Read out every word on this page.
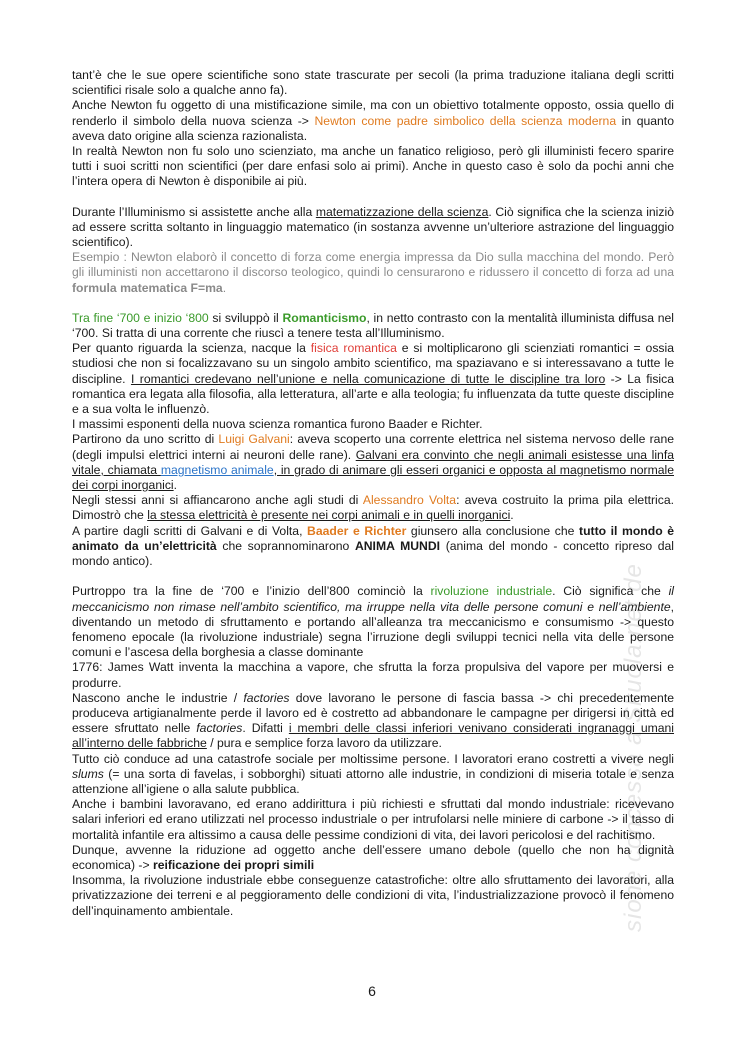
sione concessa a Skuola.net de

tant’è che le sue opere scientifiche sono state trascurate per secoli (la prima traduzione italiana degli scritti scientifici risale solo a qualche anno fa).

Anche Newton fu oggetto di una mistificazione simile, ma con un obiettivo totalmente opposto, ossia quello di renderlo il simbolo della nuova scienza -> Newton come padre simbolico della scienza moderna in quanto aveva dato origine alla scienza razionalista.

In realtà Newton non fu solo uno scienziato, ma anche un fanatico religioso, però gli illuministi fecero sparire tutti i suoi scritti non scientifici (per dare enfasi solo ai primi). Anche in questo caso è solo da pochi anni che l’intera opera di Newton è disponibile ai più.

Durante l’Illuminismo si assistette anche alla matematizzazione della scienza. Ciò significa che la scienza iniziò ad essere scritta soltanto in linguaggio matematico (in sostanza avvenne un’ulteriore astrazione del linguaggio scientifico).

Esempio : Newton elaborò il concetto di forza come energia impressa da Dio sulla macchina del mondo. Però gli illuministi non accettarono il discorso teologico, quindi lo censurarono e ridussero il concetto di forza ad una formula matematica F=ma.

Tra fine ‘700 e inizio ‘800 si sviluppò il Romanticismo, in netto contrasto con la mentalità illuminista diffusa nel ‘700. Si tratta di una corrente che riuscì a tenere testa all’Illuminismo.

Per quanto riguarda la scienza, nacque la fisica romantica e si moltiplicarono gli scienziati romantici = ossia studiosi che non si focalizzavano su un singolo ambito scientifico, ma spaziavano e si interessavano a tutte le discipline. I romantici credevano nell’unione e nella comunicazione di tutte le discipline tra loro -> La fisica romantica era legata alla filosofia, alla letteratura, all’arte e alla teologia; fu influenzata da tutte queste discipline e a sua volta le influenzò.

I massimi esponenti della nuova scienza romantica furono Baader e Richter.

Partirono da uno scritto di Luigi Galvani: aveva scoperto una corrente elettrica nel sistema nervoso delle rane (degli impulsi elettrici interni ai neuroni delle rane). Galvani era convinto che negli animali esistesse una linfa vitale, chiamata magnetismo animale, in grado di animare gli esseri organici e opposta al magnetismo normale dei corpi inorganici.

Negli stessi anni si affiancarono anche agli studi di Alessandro Volta: aveva costruito la prima pila elettrica. Dimostrò che la stessa elettricità è presente nei corpi animali e in quelli inorganici.

A partire dagli scritti di Galvani e di Volta, Baader e Richter giunsero alla conclusione che tutto il mondo è animato da un’elettricità che soprannominarono ANIMA MUNDI (anima del mondo - concetto ripreso dal mondo antico).

Purtroppo tra la fine de ‘700 e l’inizio dell’800 cominciò la rivoluzione industriale. Ciò significa che il meccanicismo non rimase nell’ambito scientifico, ma irruppe nella vita delle persone comuni e nell’ambiente, diventando un metodo di sfruttamento e portando all’alleanza tra meccanicismo e consumismo -> questo fenomeno epocale (la rivoluzione industriale) segna l’irruzione degli sviluppi tecnici nella vita delle persone comuni e l’ascesa della borghesia a classe dominante

1776: James Watt inventa la macchina a vapore, che sfrutta la forza propulsiva del vapore per muoversi e produrre.

Nascono anche le industrie / factories dove lavorano le persone di fascia bassa -> chi precedentemente produceva artigianalmente perde il lavoro ed è costretto ad abbandonare le campagne per dirigersi in città ed essere sfruttato nelle factories. Difatti i membri delle classi inferiori venivano considerati ingranaggi umani all’interno delle fabbriche / pura e semplice forza lavoro da utilizzare.

Tutto ciò conduce ad una catastrofe sociale per moltissime persone. I lavoratori erano costretti a vivere negli slums (= una sorta di favelas, i sobborghi) situati attorno alle industrie, in condizioni di miseria totale e senza attenzione all’igiene o alla salute pubblica.

Anche i bambini lavoravano, ed erano addirittura i più richiesti e sfruttati dal mondo industriale: ricevevano salari inferiori ed erano utilizzati nel processo industriale o per intrufolarsi nelle miniere di carbone -> il tasso di mortalità infantile era altissimo a causa delle pessime condizioni di vita, dei lavori pericolosi e del rachitismo.

Dunque, avvenne la riduzione ad oggetto anche dell’essere umano debole (quello che non ha dignità economica) -> reificazione dei propri simili

Insomma, la rivoluzione industriale ebbe conseguenze catastrofiche: oltre allo sfruttamento dei lavoratori, alla privatizzazione dei terreni e al peggioramento delle condizioni di vita, l’industrializzazione provocò il fenomeno dell’inquinamento ambientale.

6
